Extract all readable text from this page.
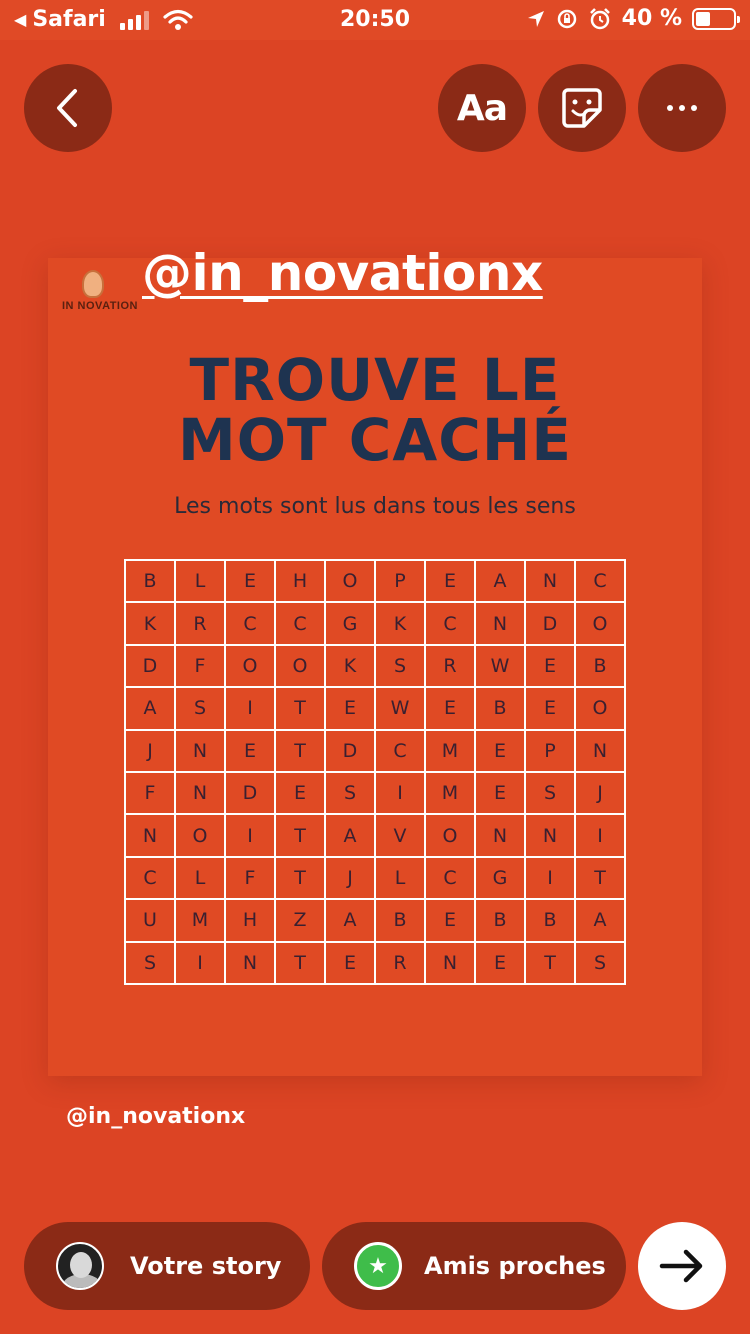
◀ Safari	20:50	40 %
Aa
IN NOVATION
TROUVE LE
MOT CACHÉ
Les mots sont lus dans tous les sens
B	L	E	H	O	P	E	A	N	C
K	R	C	C	G	K	C	N	D	O
D	F	O	O	K	S	R	W	E	B
A	S	I	T	E	W	E	B	E	O
J	N	E	T	D	C	M	E	P	N
F	N	D	E	S	I	M	E	S	J
N	O	I	T	A	V	O	N	N	I
C	L	F	T	J	L	C	G	I	T
U	M	H	Z	A	B	E	B	B	A
S	I	N	T	E	R	N	E	T	S
@in_novationx
@in_novationx
Votre story	★	Amis proches
